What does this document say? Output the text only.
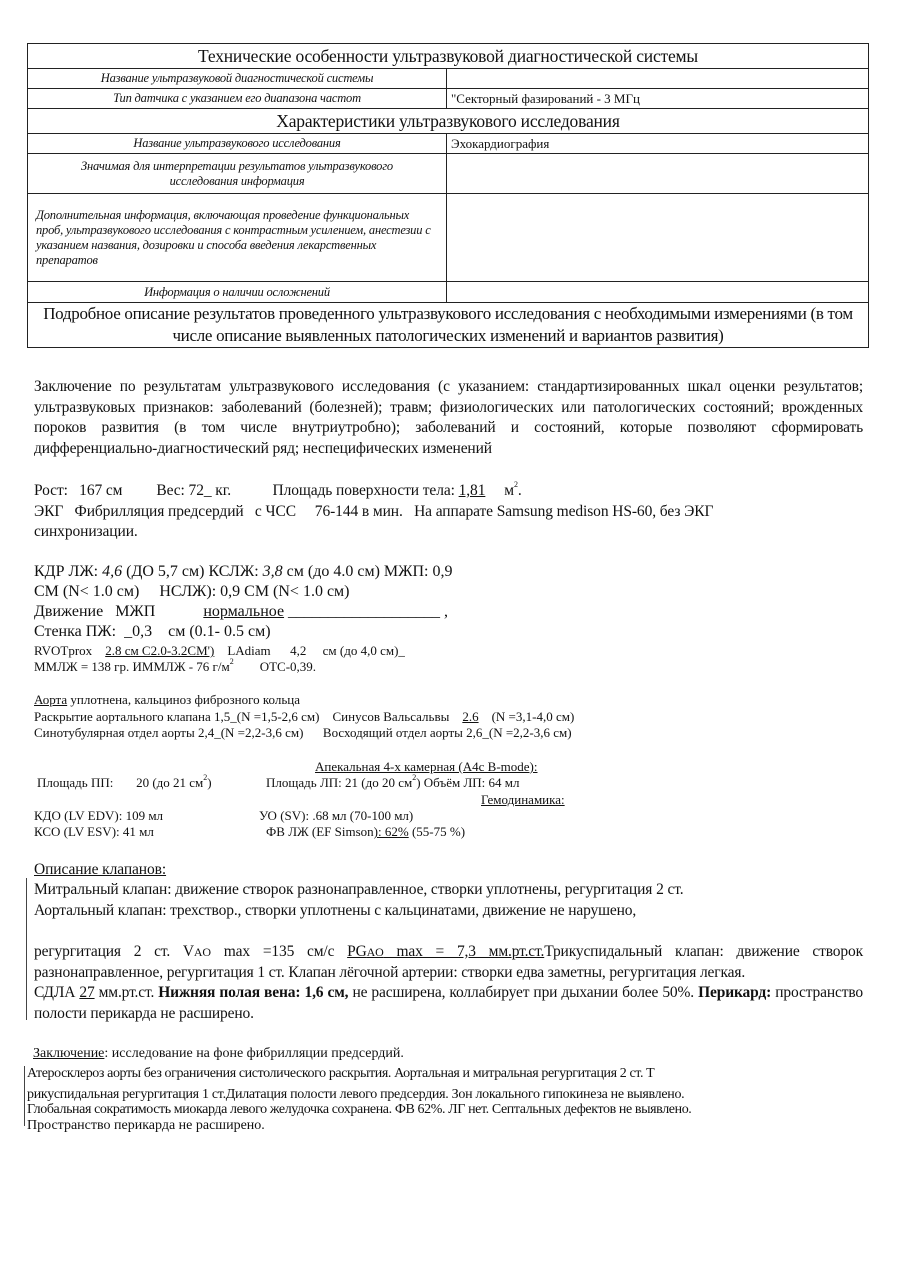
Технические особенности ультразвуковой диагностической системы	
Название ультразвуковой диагностической системы	
Тип датчика с указанием его диапазона частот	"Секторный фазирований - 3 МГц
Характеристики ультразвукового исследования	
Название ультразвукового исследования	Эхокардиография
Значимая для интерпретации результатов ультразвукового исследования информация	
Дополнительная информация, включающая проведение функциональных проб, ультразвукового исследования с контрастным усилением, анестезии с указанием названия, дозировки и способа введения лекарственных препаратов	
Информация о наличии осложнений	
Подробное описание результатов проведенного ультразвукового исследования с необходимыми измерениями (в том числе описание выявленных патологических изменений и вариантов развития)	
Заключение по результатам ультразвукового исследования (с указанием: стандартизированных шкал оценки результатов; ультразвуковых признаков: заболеваний (болезней); травм; физиологических или патологических состояний; врожденных пороков развития (в том числе внутриутробно); заболеваний и состояний, которые позволяют сформировать дифференциально-диагностический ряд; неспецифических изменений
Рост: 167 см Вес: 72_ кг.	Площадь поверхности тела: 1,81 $м^2$.
ЭКГ   Фибрилляция предсердий   с ЧСС     76-144 в мин.   На аппарате Samsung medison HS-60, без ЭКГ
синхронизации.
КДР ЛЖ: 4,6 (ДО 5,7 см) КСЛЖ: 3,8 см (до 4.0 см) МЖП: 0,9
СМ (N< 1.0 см)     НСЛЖ): 0,9 СМ (N< 1.0 см)
Движение   МЖП	нормальное ___________________ ,
Стенка ПЖ:  _0,3    см (0.1- 0.5 см)
RVOTprox 2.8 см С2.0-3.2СМ') LAdiam      4,2     см (до 4,0 см)_
ММЛЖ = 138 гр. ИММЛЖ - 76 $г/м^2$ ОТС-0,39.
Аорта уплотнена, кальциноз фиброзного кольца
Раскрытие аортального клапана 1,5_(N =1,5-2,6 см) Синусов Вальсальвы 2.6 (N =3,1-4,0 см)
Синотубулярная отдел аорты 2,4_(N =2,2-3,6 см) Восходящий отдел аорты 2,6_(N =2,2-3,6 см)
Апекальная 4-х камерная (А4с B-mode):
Площадь ПП: 20 (до 21 $см^2$)	Площадь ЛП: 21 (до 20 $см^2$) Объём ЛП: 64 мл
Гемодинамика:
КДО (LV EDV): 109 мл	УО (SV): .68 мл (70-100 мл)
КСО (LV ESV): 41 мл	ФВ ЛЖ (EF Simson): 62% (55-75 %)
Описание клапанов:
Митральный клапан: движение створок разнонаправленное, створки уплотнены, регургитация 2 ст.
Аортальный клапан: трехствор., створки уплотнены с кальцинатами, движение не нарушено,
регургитация 2 ст. VAO max =135 см/с PGAO max = 7,3 мм.рт.ст.Трикуспидальный клапан: движение створок разнонаправленное, регургитация 1 ст. Клапан лёгочной артерии: створки едва заметны, регургитация легкая.
СДЛА 27 мм.рт.ст. Нижняя полая вена: 1,6 см, не расширена, коллабирует при дыхании более 50%. Перикард: пространство полости перикарда не расширено.
Заключение: исследование на фоне фибрилляции предсердий.
Атеросклероз аорты без ограничения систолического раскрытия. Аортальная и митральная регургитация 2 ст. Т
рикуспидальная регургитация 1 ст.Дилатация полости левого предсердия. Зон локального гипокинеза не выявлено.
Глобальная сократимость миокарда левого желудочка сохранена. ФВ 62%. ЛГ нет. Септальных дефектов не выявлено.
Пространство перикарда не расширено.
